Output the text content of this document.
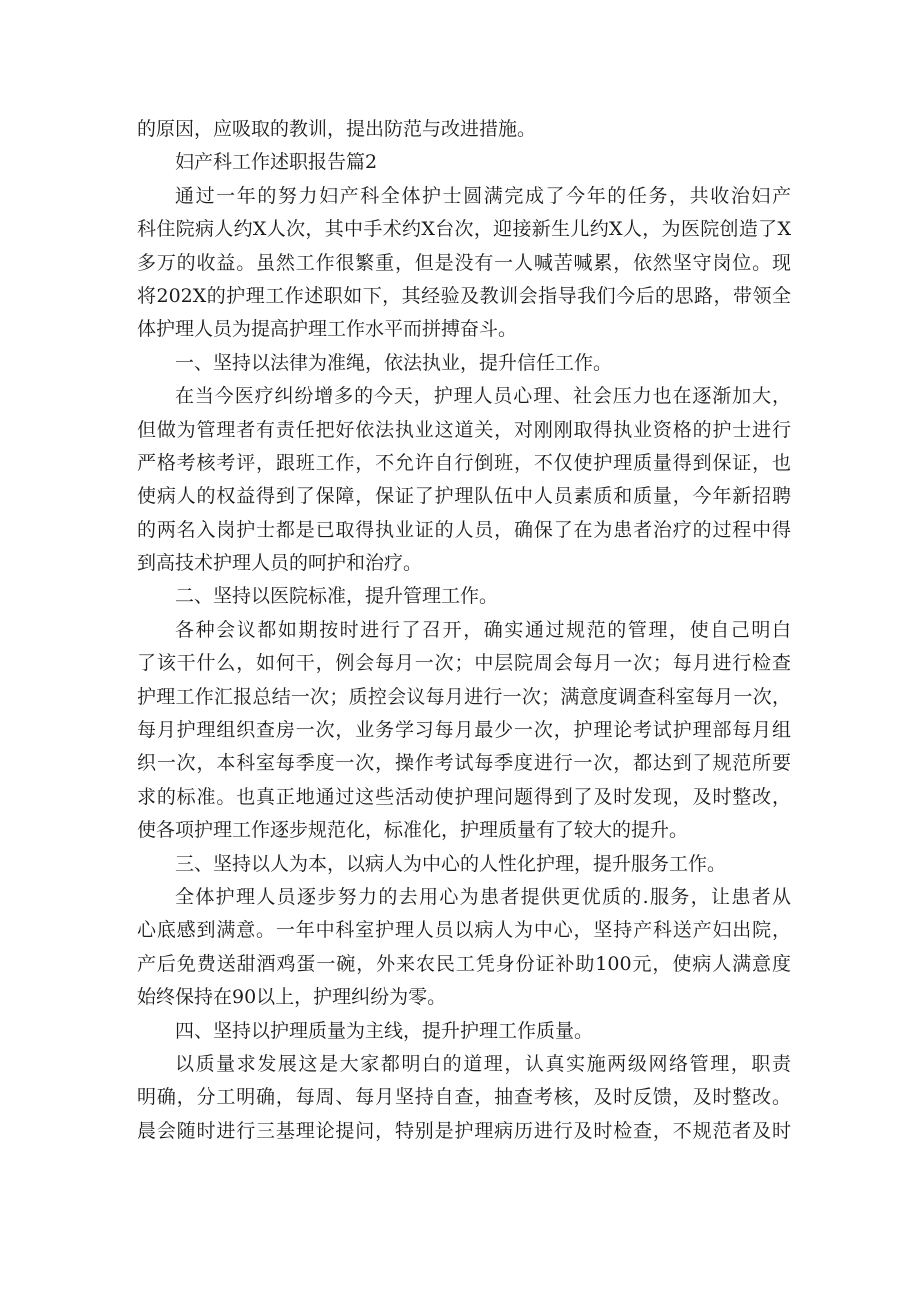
的原因，应吸取的教训，提出防范与改进措施。
妇产科工作述职报告篇2
通过一年的努力妇产科全体护士圆满完成了今年的任务，共收治妇产
科住院病人约X人次，其中手术约X台次，迎接新生儿约X人，为医院创造了X
多万的收益。虽然工作很繁重，但是没有一人喊苦喊累，依然坚守岗位。现
将202X的护理工作述职如下，其经验及教训会指导我们今后的思路，带领全
体护理人员为提高护理工作水平而拼搏奋斗。
一、坚持以法律为准绳，依法执业，提升信任工作。
在当今医疗纠纷增多的今天，护理人员心理、社会压力也在逐渐加大，
但做为管理者有责任把好依法执业这道关，对刚刚取得执业资格的护士进行
严格考核考评，跟班工作，不允许自行倒班，不仅使护理质量得到保证，也
使病人的权益得到了保障，保证了护理队伍中人员素质和质量，今年新招聘
的两名入岗护士都是已取得执业证的人员，确保了在为患者治疗的过程中得
到高技术护理人员的呵护和治疗。
二、坚持以医院标准，提升管理工作。
各种会议都如期按时进行了召开，确实通过规范的管理，使自己明白
了该干什么，如何干，例会每月一次；中层院周会每月一次；每月进行检查
护理工作汇报总结一次；质控会议每月进行一次；满意度调查科室每月一次，
每月护理组织查房一次，业务学习每月最少一次，护理论考试护理部每月组
织一次，本科室每季度一次，操作考试每季度进行一次，都达到了规范所要
求的标准。也真正地通过这些活动使护理问题得到了及时发现，及时整改，
使各项护理工作逐步规范化，标准化，护理质量有了较大的提升。
三、坚持以人为本，以病人为中心的人性化护理，提升服务工作。
全体护理人员逐步努力的去用心为患者提供更优质的.服务，让患者从
心底感到满意。一年中科室护理人员以病人为中心，坚持产科送产妇出院，
产后免费送甜酒鸡蛋一碗，外来农民工凭身份证补助100元，使病人满意度
始终保持在90以上，护理纠纷为零。
四、坚持以护理质量为主线，提升护理工作质量。
以质量求发展这是大家都明白的道理，认真实施两级网络管理，职责
明确，分工明确，每周、每月坚持自查，抽查考核，及时反馈，及时整改。
晨会随时进行三基理论提问，特别是护理病历进行及时检查，不规范者及时
